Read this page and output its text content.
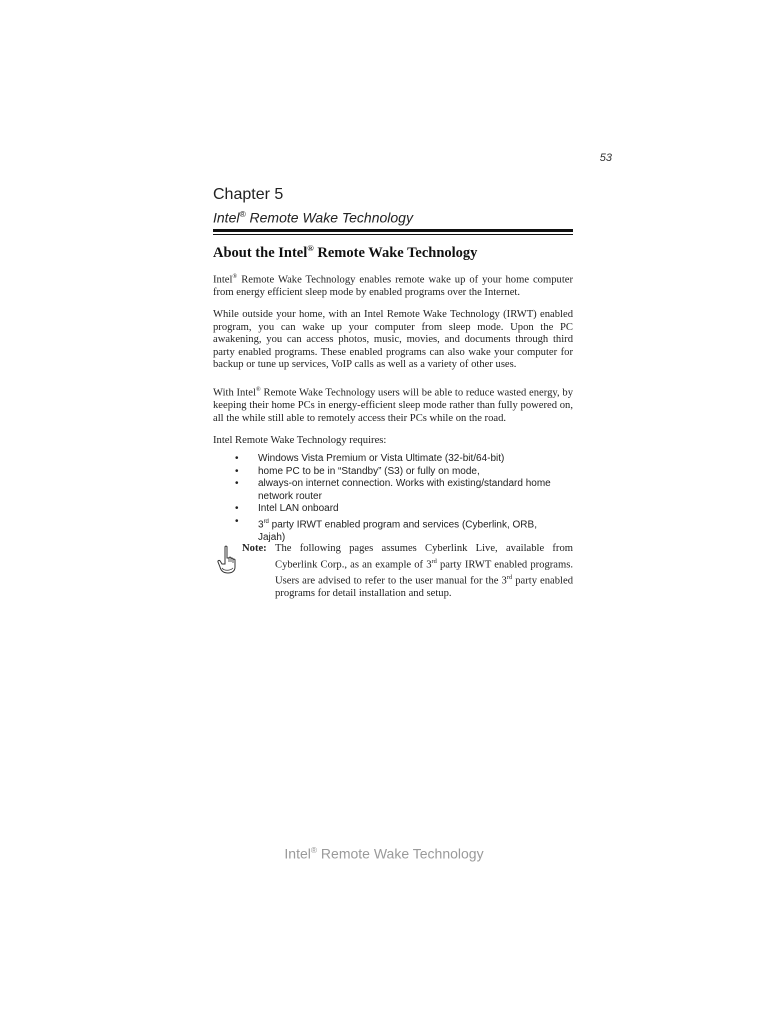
53
Chapter 5
Intel® Remote Wake Technology
About the Intel® Remote Wake Technology

Intel® Remote Wake Technology enables remote wake up of your home computer from energy efficient sleep mode by enabled programs over the Internet.

While outside your home, with an Intel Remote Wake Technology (IRWT) enabled program, you can wake up your computer from sleep mode. Upon the PC awakening, you can access photos, music, movies, and documents through third party enabled programs. These enabled programs can also wake your computer for backup or tune up services, VoIP calls as well as a variety of other uses.

With Intel® Remote Wake Technology users will be able to reduce wasted energy, by keeping their home PCs in energy-efficient sleep mode rather than fully powered on, all the while still able to remotely access their PCs while on the road.

Intel Remote Wake Technology requires:

• Windows Vista Premium or Vista Ultimate (32-bit/64-bit)
• home PC to be in “Standby” (S3) or fully on mode,
• always-on internet connection. Works with existing/standard home network router
• Intel LAN onboard
• 3rd party IRWT enabled program and services (Cyberlink, ORB, Jajah)
Note: The following pages assumes Cyberlink Live, available from Cyberlink Corp., as an example of 3rd party IRWT enabled programs. Users are advised to refer to the user manual for the 3rd party enabled programs for detail installation and setup.
Intel® Remote Wake Technology
